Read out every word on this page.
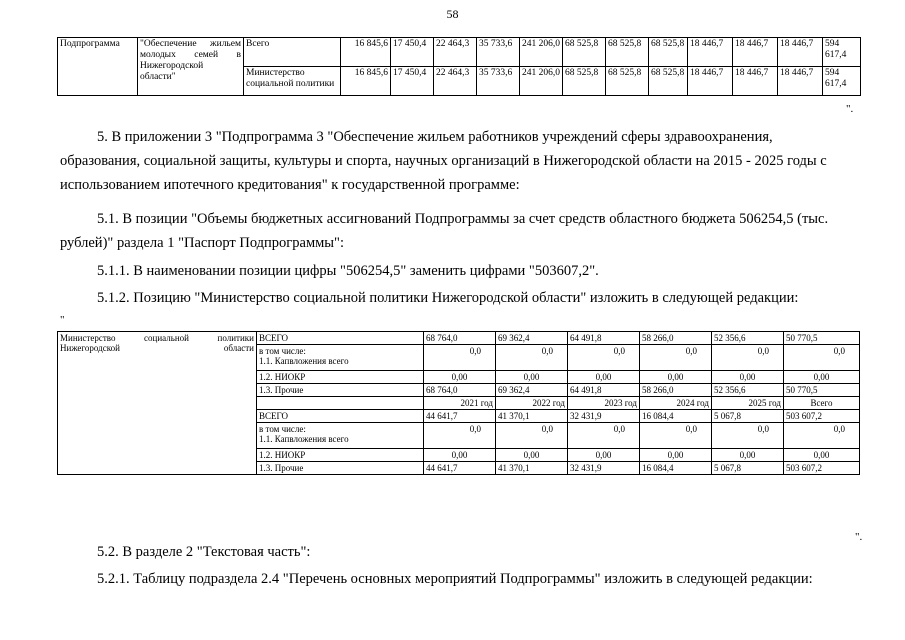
58
Подпрограмма	"Обеспечение жильем молодых семей в Нижегородской области"	Всего	16 845,6	17 450,4	22 464,3	35 733,6	241 206,0	68 525,8	68 525,8	68 525,8	18 446,7	18 446,7	18 446,7	594 617,4
		Министерство социальной политики	16 845,6	17 450,4	22 464,3	35 733,6	241 206,0	68 525,8	68 525,8	68 525,8	18 446,7	18 446,7	18 446,7	594 617,4
".
5. В приложении 3 "Подпрограмма 3 "Обеспечение жильем работников учреждений сферы здравоохранения,
образования, социальной защиты, культуры и спорта, научных организаций в Нижегородской области на 2015 - 2025 годы с
использованием ипотечного кредитования" к государственной программе:
5.1. В позиции "Объемы бюджетных ассигнований Подпрограммы за счет средств областного бюджета 506254,5 (тыс.
рублей)" раздела 1 "Паспорт Подпрограммы":
5.1.1. В наименовании позиции цифры "506254,5" заменить цифрами "503607,2".
5.1.2. Позицию "Министерство социальной политики Нижегородской области" изложить в следующей редакции:
"
Министерство социальной политики Нижегородской области	ВСЕГО	68 764,0	69 362,4	64 491,8	58 266,0	52 356,6	50 770,5

	в том числе:
1.1. Капвложения всего	0,0	0,0	0,0	0,0	0,0	0,0

	1.2. НИОКР	0,00	0,00	0,00	0,00	0,00	0,00

	1.3. Прочие	68 764,0	69 362,4	64 491,8	58 266,0	52 356,6	50 770,5
		2021 год	2022 год	2023 год	2024 год	2025 год	Всего

	ВСЕГО	44 641,7	41 370,1	32 431,9	16 084,4	5 067,8	503 607,2

	в том числе:
1.1. Капвложения всего	0,0	0,0	0,0	0,0	0,0	0,0

	1.2. НИОКР	0,00	0,00	0,00	0,00	0,00	0,00

	1.3. Прочие	44 641,7	41 370,1	32 431,9	16 084,4	5 067,8	503 607,2
".
5.2. В разделе 2 "Текстовая часть":
5.2.1. Таблицу подраздела 2.4 "Перечень основных мероприятий Подпрограммы" изложить в следующей редакции:
